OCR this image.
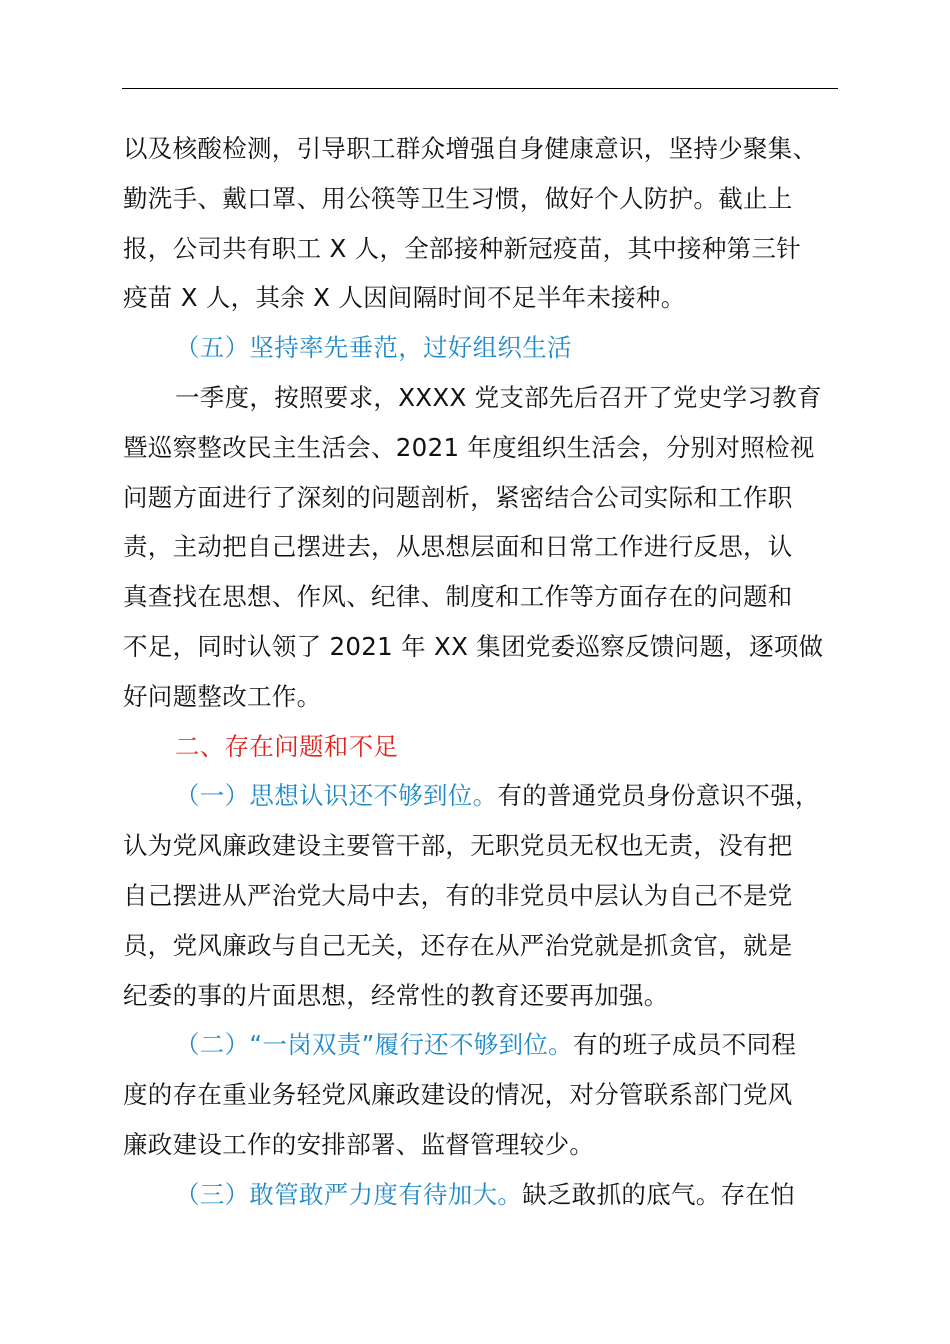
以及核酸检测，引导职工群众增强自身健康意识，坚持少聚集、
勤洗手、戴口罩、用公筷等卫生习惯，做好个人防护。截止上
报，公司共有职工 X 人，全部接种新冠疫苗，其中接种第三针
疫苗 X 人，其余 X 人因间隔时间不足半年未接种。
（五）坚持率先垂范，过好组织生活
一季度，按照要求，XXXX 党支部先后召开了党史学习教育
暨巡察整改民主生活会、2021 年度组织生活会，分别对照检视
问题方面进行了深刻的问题剖析，紧密结合公司实际和工作职
责，主动把自己摆进去，从思想层面和日常工作进行反思，认
真查找在思想、作风、纪律、制度和工作等方面存在的问题和
不足，同时认领了 2021 年 XX 集团党委巡察反馈问题，逐项做
好问题整改工作。
二、存在问题和不足
（一）思想认识还不够到位。有的普通党员身份意识不强，
认为党风廉政建设主要管干部，无职党员无权也无责，没有把
自己摆进从严治党大局中去，有的非党员中层认为自己不是党
员，党风廉政与自己无关，还存在从严治党就是抓贪官，就是
纪委的事的片面思想，经常性的教育还要再加强。
（二）“一岗双责”履行还不够到位。有的班子成员不同程
度的存在重业务轻党风廉政建设的情况，对分管联系部门党风
廉政建设工作的安排部署、监督管理较少。
（三）敢管敢严力度有待加大。缺乏敢抓的底气。存在怕
